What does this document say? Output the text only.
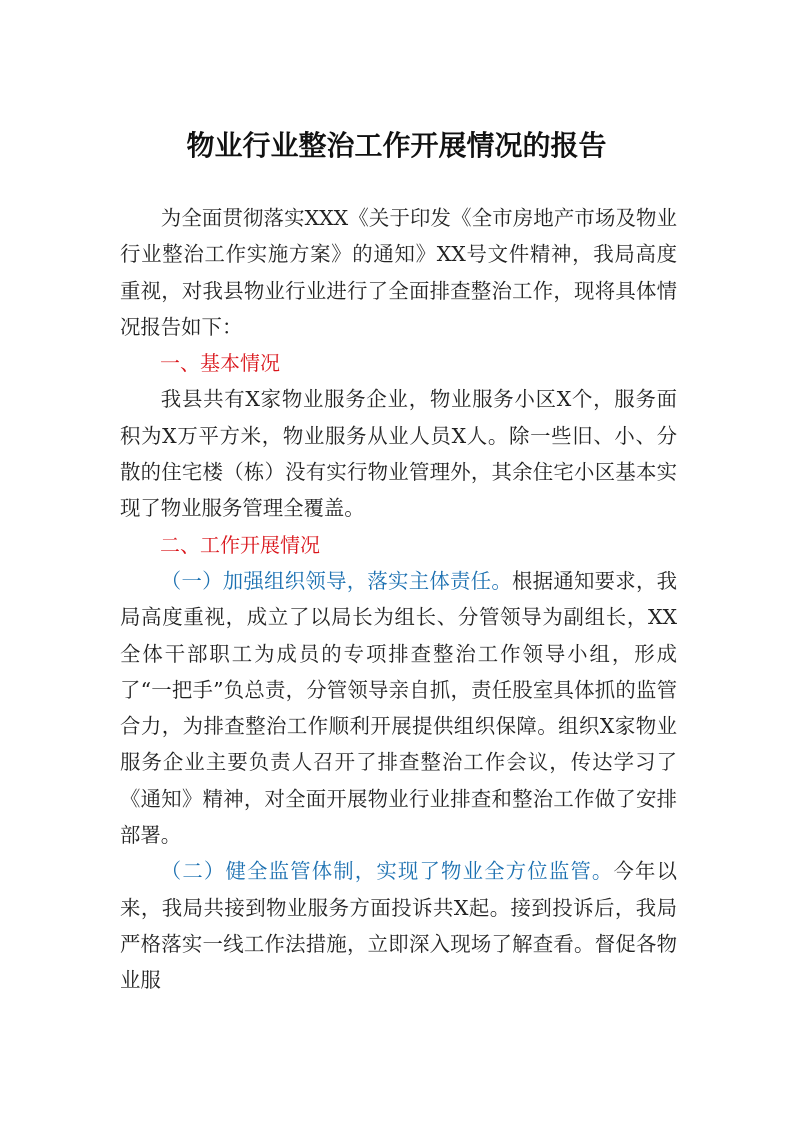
物业行业整治工作开展情况的报告

为全面贯彻落实XXX《关于印发《全市房地产市场及物业行业整治工作实施方案》的通知》XX号文件精神，我局高度重视，对我县物业行业进行了全面排查整治工作，现将具体情况报告如下：

一、基本情况

我县共有X家物业服务企业，物业服务小区X个，服务面积为X万平方米，物业服务从业人员X人。除一些旧、小、分散的住宅楼（栋）没有实行物业管理外，其余住宅小区基本实现了物业服务管理全覆盖。

二、工作开展情况

（一）加强组织领导，落实主体责任。根据通知要求，我局高度重视，成立了以局长为组长、分管领导为副组长，XX全体干部职工为成员的专项排查整治工作领导小组，形成了“一把手”负总责，分管领导亲自抓，责任股室具体抓的监管合力，为排查整治工作顺利开展提供组织保障。组织X家物业服务企业主要负责人召开了排查整治工作会议，传达学习了《通知》精神，对全面开展物业行业排查和整治工作做了安排部署。

（二）健全监管体制，实现了物业全方位监管。今年以来，我局共接到物业服务方面投诉共X起。接到投诉后，我局严格落实一线工作法措施，立即深入现场了解查看。督促各物业服
